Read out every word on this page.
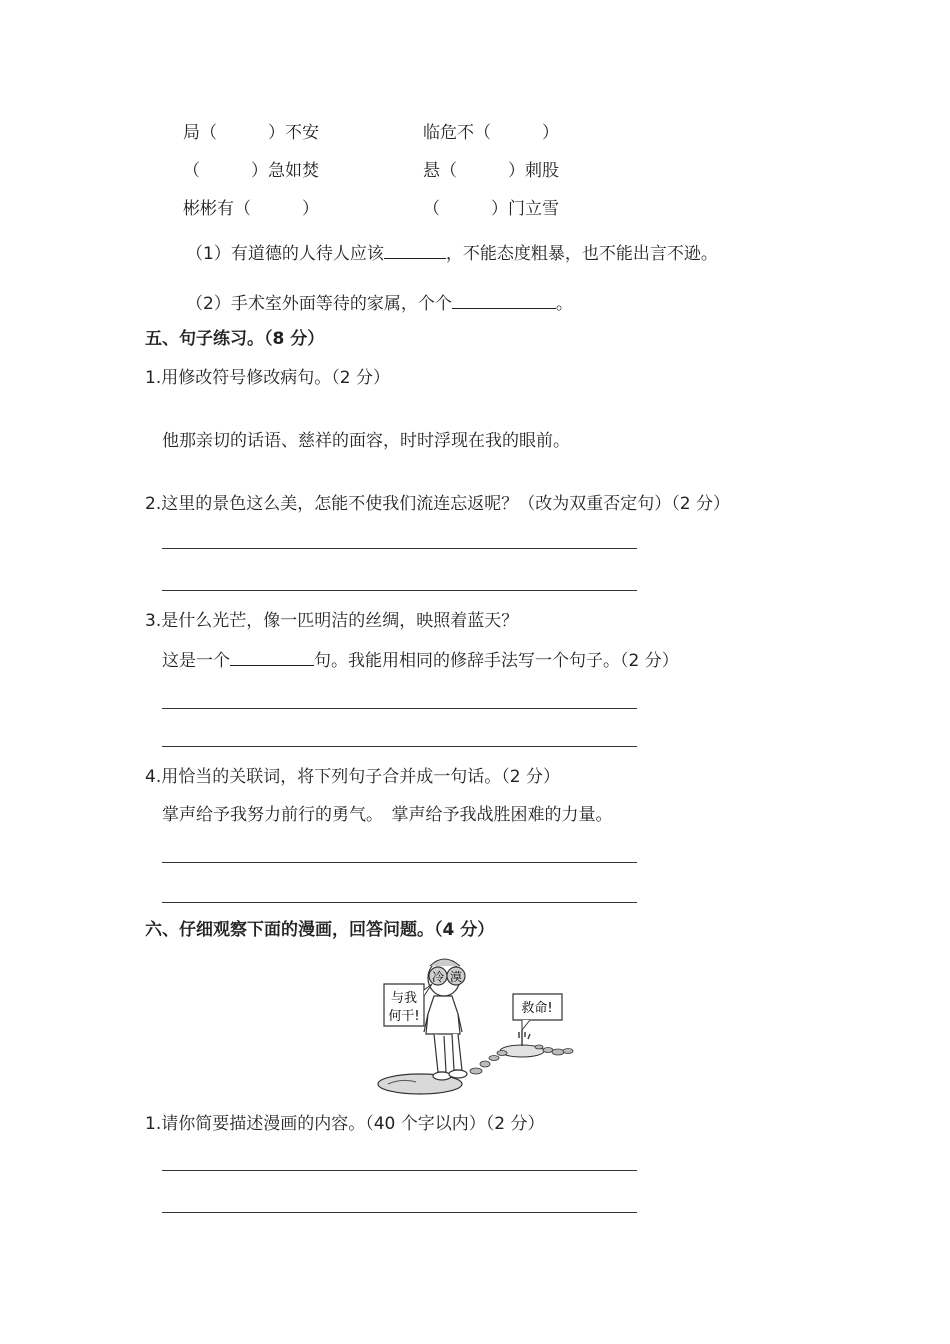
局（　　　）不安	临危不（　　　）
（　　　）急如焚	悬（　　　）刺股
彬彬有（　　　）	（　　　）门立雪
（1）有道德的人待人应该	，不能态度粗暴，也不能出言不逊。
（2）手术室外面等待的家属，个个	。
五、句子练习。（8 分）
1.用修改符号修改病句。（2 分）
他那亲切的话语、慈祥的面容，时时浮现在我的眼前。
2.这里的景色这么美，怎能不使我们流连忘返呢？（改为双重否定句）（2 分）
3.是什么光芒，像一匹明洁的丝绸，映照着蓝天？
这是一个	句。我能用相同的修辞手法写一个句子。（2 分）
4.用恰当的关联词，将下列句子合并成一句话。（2 分）
掌声给予我努力前行的勇气。　掌声给予我战胜困难的力量。
六、仔细观察下面的漫画，回答问题。（4 分）
冷 漠
与我
何干!
救命!
1.请你简要描述漫画的内容。（40 个字以内）（2 分）
